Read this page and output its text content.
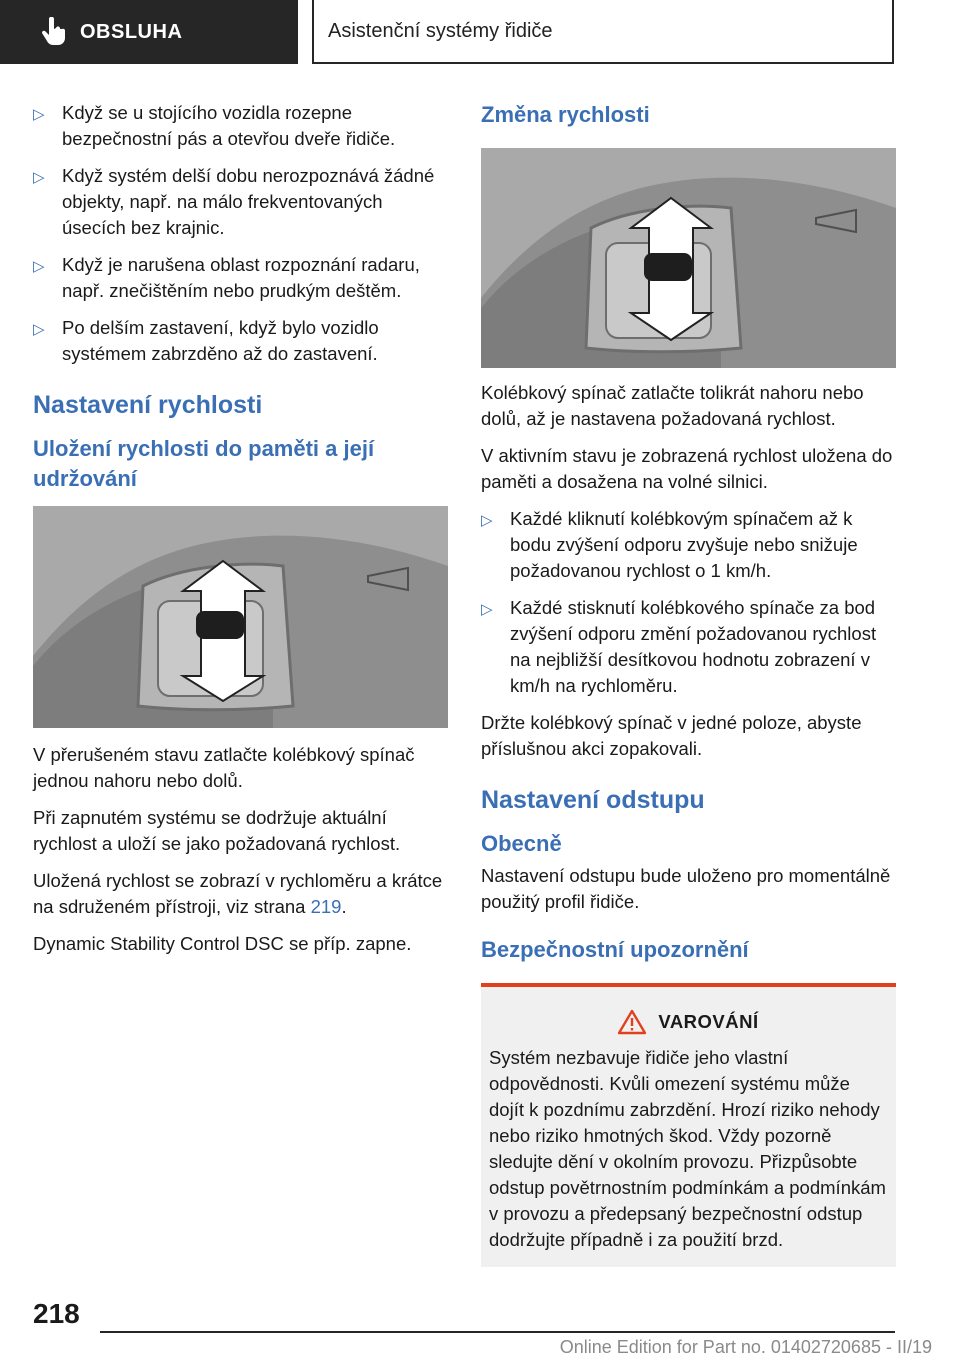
OBSLUHA	Asistenční systémy řidiče
▷ Když se u stojícího vozidla rozepne bezpečnostní pás a otevřou dveře řidiče.
▷ Když systém delší dobu nerozpoznává žádné objekty, např. na málo frekventovaných úsecích bez krajnic.
▷ Když je narušena oblast rozpoznání radaru, např. znečištěním nebo prudkým deštěm.
▷ Po delším zastavení, když bylo vozidlo systémem zabrzděno až do zastavení.
Nastavení rychlosti
Uložení rychlosti do paměti a její udržování

V přerušeném stavu zatlačte kolébkový spínač jednou nahoru nebo dolů.

Při zapnutém systému se dodržuje aktuální rychlost a uloží se jako požadovaná rychlost.

Uložená rychlost se zobrazí v rychloměru a krátce na sdruženém přístroji, viz strana 219.

Dynamic Stability Control DSC se příp. zapne.

Změna rychlosti

Kolébkový spínač zatlačte tolikrát nahoru nebo dolů, až je nastavena požadovaná rychlost.

V aktivním stavu je zobrazená rychlost uložena do paměti a dosažena na volné silnici.

▷ Každé kliknutí kolébkovým spínačem až k bodu zvýšení odporu zvyšuje nebo snižuje požadovanou rychlost o 1 km/h.
▷ Každé stisknutí kolébkového spínače za bod zvýšení odporu změní požadovanou rychlost na nejbližší desítkovou hodnotu zobrazení v km/h na rychloměru.

Držte kolébkový spínač v jedné poloze, abyste příslušnou akci zopakovali.

Nastavení odstupu
Obecně

Nastavení odstupu bude uloženo pro momentálně použitý profil řidiče.

Bezpečnostní upozornění
VAROVÁNÍ

Systém nezbavuje řidiče jeho vlastní odpovědnosti. Kvůli omezení systému může dojít k pozdnímu zabrzdění. Hrozí riziko nehody nebo riziko hmotných škod. Vždy pozorně sledujte dění v okolním provozu. Přizpůsobte odstup povětrnostním podmínkám a podmínkám v provozu a předepsaný bezpečnostní odstup dodržujte případně i za použití brzd.

218
Online Edition for Part no. 01402720685 - II/19
